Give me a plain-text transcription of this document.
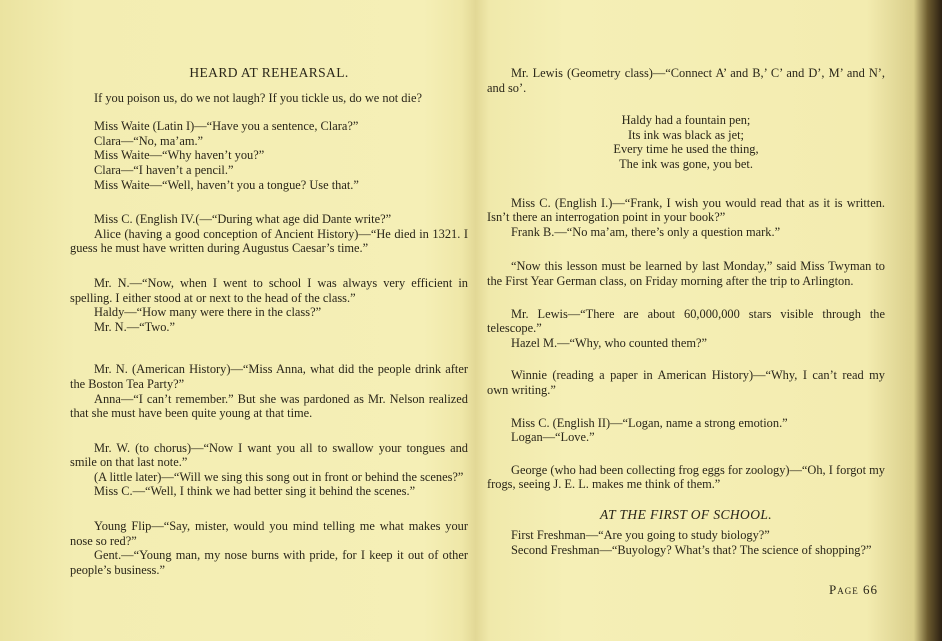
HEARD AT REHEARSAL.

If you poison us, do we not laugh? If you tickle us, do we not die?

Miss Waite (Latin I)—“Have you a sentence, Clara?”

Clara—“No, ma’am.”

Miss Waite—“Why haven’t you?”

Clara—“I haven’t a pencil.”

Miss Waite—“Well, haven’t you a tongue? Use that.”

Miss C. (English IV.(—“During what age did Dante write?”

Alice (having a good conception of Ancient History)—“He died in 1321. I guess he must have written during Augustus Caesar’s time.”

Mr. N.—“Now, when I went to school I was always very efficient in spelling. I either stood at or next to the head of the class.”

Haldy—“How many were there in the class?”

Mr. N.—“Two.”

Mr. N. (American History)—“Miss Anna, what did the people drink after the Boston Tea Party?”

Anna—“I can’t remember.” But she was pardoned as Mr. Nelson realized that she must have been quite young at that time.

Mr. W. (to chorus)—“Now I want you all to swallow your tongues and smile on that last note.”

(A little later)—“Will we sing this song out in front or behind the scenes?”

Miss C.—“Well, I think we had better sing it behind the scenes.”

Young Flip—“Say, mister, would you mind telling me what makes your nose so red?”

Gent.—“Young man, my nose burns with pride, for I keep it out of other people’s business.”

Mr. Lewis (Geometry class)—“Connect A’ and B,’ C’ and D’, M’ and N’, and so’.

Haldy had a fountain pen;
Its ink was black as jet;
Every time he used the thing,
The ink was gone, you bet.

Miss C. (English I.)—“Frank, I wish you would read that as it is written. Isn’t there an interrogation point in your book?”

Frank B.—“No ma’am, there’s only a question mark.”

“Now this lesson must be learned by last Monday,” said Miss Twyman to the First Year German class, on Friday morning after the trip to Arlington.

Mr. Lewis—“There are about 60,000,000 stars visible through the telescope.”

Hazel M.—“Why, who counted them?”

Winnie (reading a paper in American History)—“Why, I can’t read my own writing.”

Miss C. (English II)—“Logan, name a strong emotion.”

Logan—“Love.”

George (who had been collecting frog eggs for zoology)—“Oh, I forgot my frogs, seeing J. E. L. makes me think of them.”

AT THE FIRST OF SCHOOL.

First Freshman—“Are you going to study biology?”

Second Freshman—“Buyology? What’s that? The science of shopping?”

Page 66
